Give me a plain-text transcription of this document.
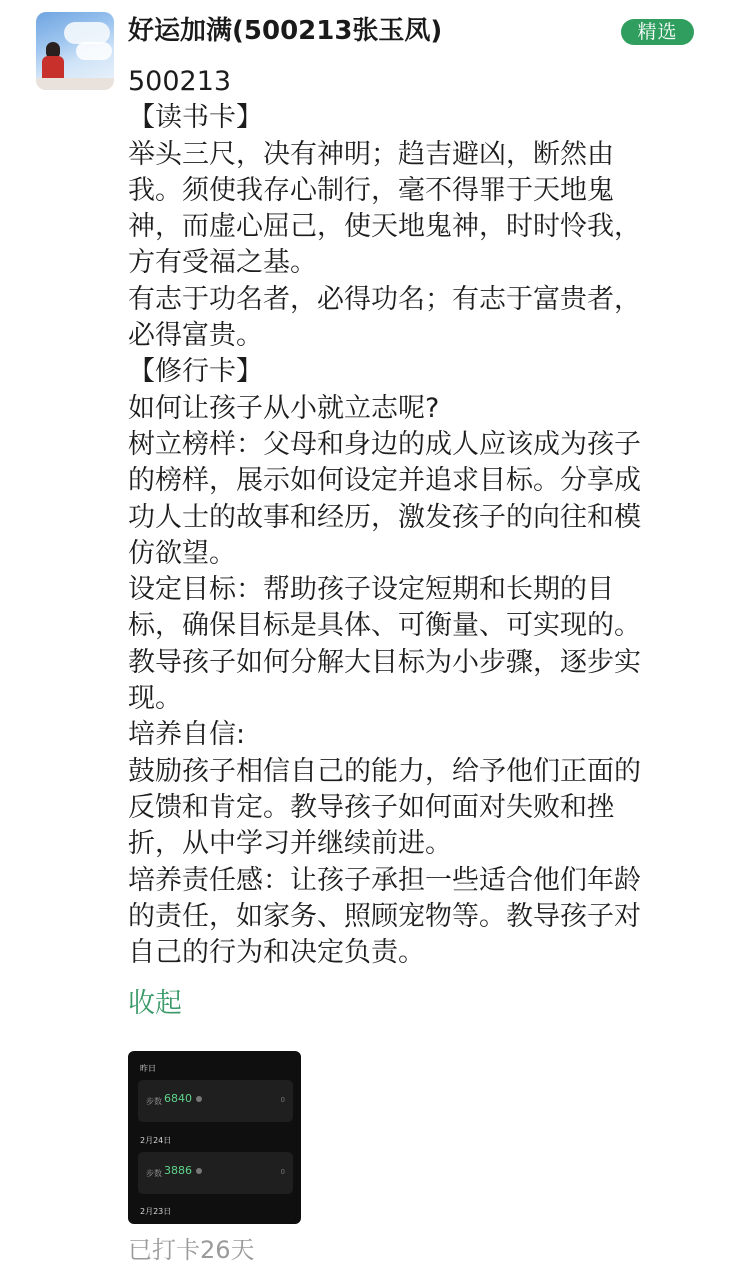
好运加满(500213张玉凤)	精选
500213
【读书卡】
举头三尺，决有神明；趋吉避凶，断然由
我。须使我存心制行，毫不得罪于天地鬼
神，而虚心屈己，使天地鬼神，时时怜我，
方有受福之基。
有志于功名者，必得功名；有志于富贵者，
必得富贵。
【修行卡】
如何让孩子从小就立志呢?
树立榜样：父母和身边的成人应该成为孩子
的榜样，展示如何设定并追求目标。分享成
功人士的故事和经历，激发孩子的向往和模
仿欲望。
设定目标：帮助孩子设定短期和长期的目
标，确保目标是具体、可衡量、可实现的。
教导孩子如何分解大目标为小步骤，逐步实
现。
培养自信:
鼓励孩子相信自己的能力，给予他们正面的
反馈和肯定。教导孩子如何面对失败和挫
折，从中学习并继续前进。
培养责任感：让孩子承担一些适合他们年龄
的责任，如家务、照顾宠物等。教导孩子对
自己的行为和决定负责。
收起
昨日
步数 6840	0
2月24日
步数 3886	0
2月23日
已打卡26天
